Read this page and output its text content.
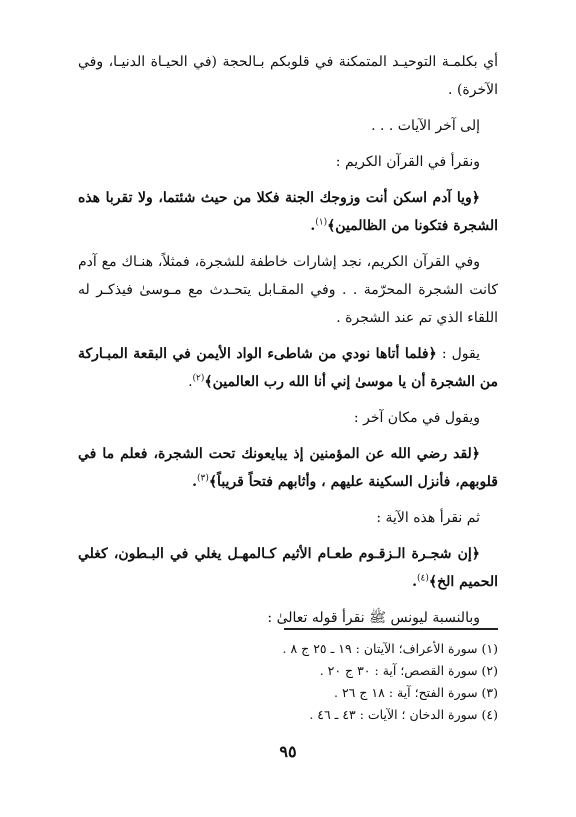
أي بكلمـة التوحيـد المتمكنة في قلوبكم بـالحجة (في الحيـاة الدنيـا، وفي الآخرة) .

إلى آخر الآيات . . .

ونقرأ في القرآن الكريم :

﴿ويا آدم اسكن أنت وزوجك الجنة فكلا من حيث شئتما، ولا تقربا هذه الشجرة فتكونا من الظالمين﴾$^{(١)}$.

وفي القرآن الكريم، نجد إشارات خاطفة للشجرة، فمثلاً، هنـاك مع آدم كانت الشجرة المحرّمة . . وفي المقـابل يتحـدث مع مـوسىٰ فيذكـر له اللقاء الذي تم عند الشجرة .

يقول : ﴿فلما أتاها نودي من شاطىء الواد الأيمن في البقعة المبـاركة من الشجرة أن يا موسىٰ إني أنا الله رب العالمين﴾$^{(٢)}$.

ويقول في مكان آخر :

﴿لقد رضي الله عن المؤمنين إذ يبايعونك تحت الشجرة، فعلم ما في قلوبهم، فأنزل السكينة عليهم ، وأثابهم فتحاً قريباً﴾$^{(٣)}$.

ثم نقرأ هذه الآية :

﴿إن شجـرة الـزقـوم طعـام الأثيم كـالمهـل يغلي في البـطون، كغلي الحميم الخ﴾$^{(٤)}$.

وبالنسبة ليونس ﷺ نقرأ قوله تعالىٰ :

(١) سورة الأعراف؛ الآيتان : ١٩ ـ ٢٥ ج ٨ .

(٢) سورة القصص؛ آية : ٣٠ ج ٢٠ .

(٣) سورة الفتح؛ آية : ١٨ ج ٢٦ .

(٤) سورة الدخان ؛ الآيات : ٤٣ ـ ٤٦ .

٩٥
